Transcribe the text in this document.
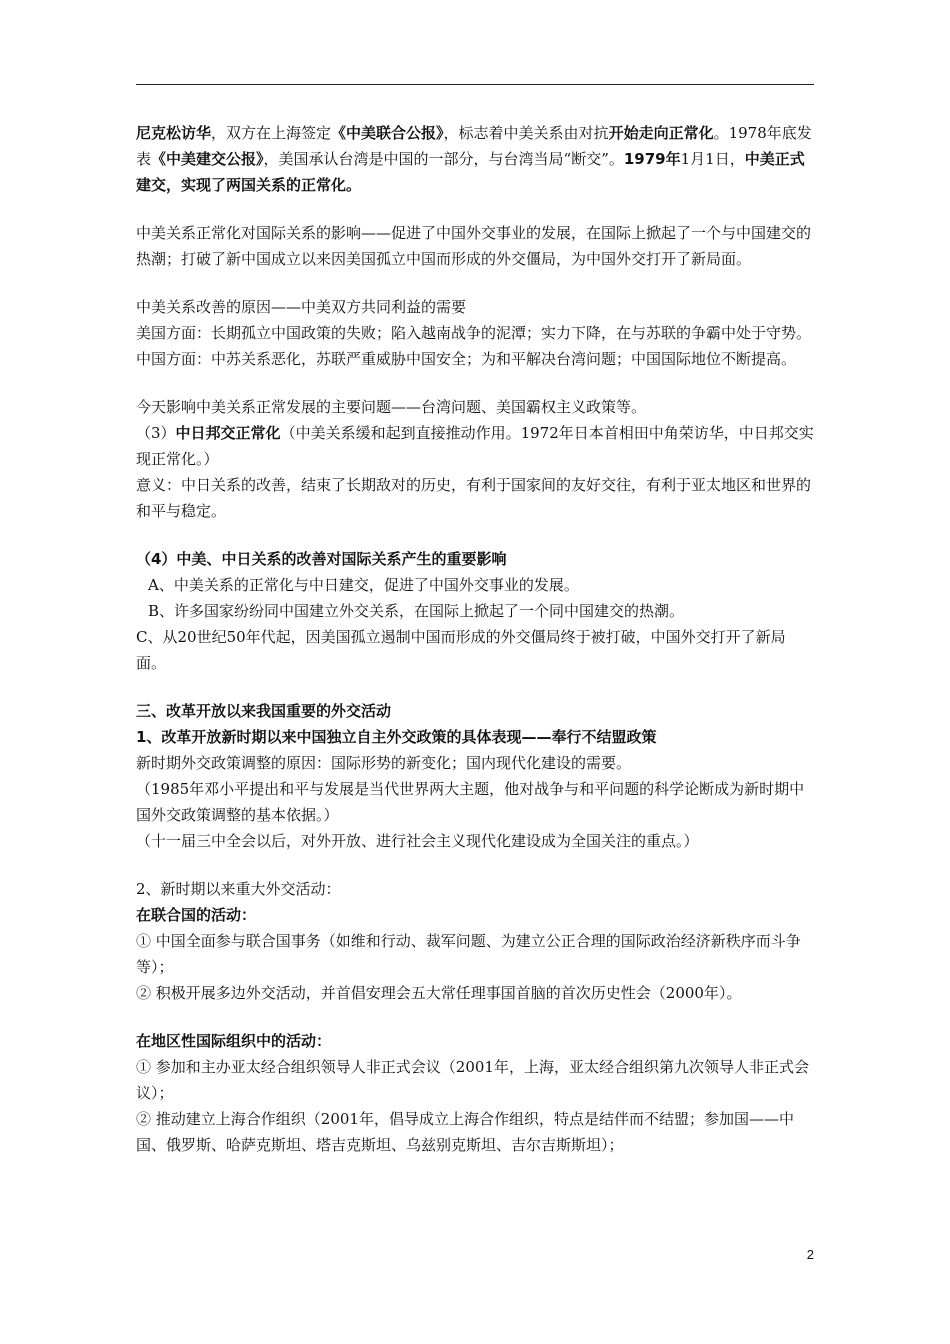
尼克松访华，双方在上海签定《中美联合公报》，标志着中美关系由对抗开始走向正常化。1978年底发表《中美建交公报》，美国承认台湾是中国的一部分，与台湾当局“断交”。1979年1月1日，中美正式建交，实现了两国关系的正常化。

中美关系正常化对国际关系的影响——促进了中国外交事业的发展，在国际上掀起了一个与中国建交的热潮；打破了新中国成立以来因美国孤立中国而形成的外交僵局，为中国外交打开了新局面。

中美关系改善的原因——中美双方共同利益的需要

美国方面：长期孤立中国政策的失败；陷入越南战争的泥潭；实力下降，在与苏联的争霸中处于守势。

中国方面：中苏关系恶化，苏联严重威胁中国安全；为和平解决台湾问题；中国国际地位不断提高。

今天影响中美关系正常发展的主要问题——台湾问题、美国霸权主义政策等。

（3）中日邦交正常化（中美关系缓和起到直接推动作用。1972年日本首相田中角荣访华，中日邦交实现正常化。）

意义：中日关系的改善，结束了长期敌对的历史，有利于国家间的友好交往，有利于亚太地区和世界的和平与稳定。

（4）中美、中日关系的改善对国际关系产生的重要影响

A、中美关系的正常化与中日建交，促进了中国外交事业的发展。

B、许多国家纷纷同中国建立外交关系，在国际上掀起了一个同中国建交的热潮。

C、从20世纪50年代起，因美国孤立遏制中国而形成的外交僵局终于被打破，中国外交打开了新局面。

三、改革开放以来我国重要的外交活动

1、改革开放新时期以来中国独立自主外交政策的具体表现——奉行不结盟政策

新时期外交政策调整的原因：国际形势的新变化；国内现代化建设的需要。

（1985年邓小平提出和平与发展是当代世界两大主题，他对战争与和平问题的科学论断成为新时期中国外交政策调整的基本依据。）

（十一届三中全会以后，对外开放、进行社会主义现代化建设成为全国关注的重点。）

2、新时期以来重大外交活动：

在联合国的活动：

① 中国全面参与联合国事务（如维和行动、裁军问题、为建立公正合理的国际政治经济新秩序而斗争等）；

② 积极开展多边外交活动，并首倡安理会五大常任理事国首脑的首次历史性会（2000年）。

在地区性国际组织中的活动：

① 参加和主办亚太经合组织领导人非正式会议（2001年，上海，亚太经合组织第九次领导人非正式会议）；

② 推动建立上海合作组织（2001年，倡导成立上海合作组织，特点是结伴而不结盟；参加国——中国、俄罗斯、哈萨克斯坦、塔吉克斯坦、乌兹别克斯坦、吉尔吉斯斯坦）；

2
